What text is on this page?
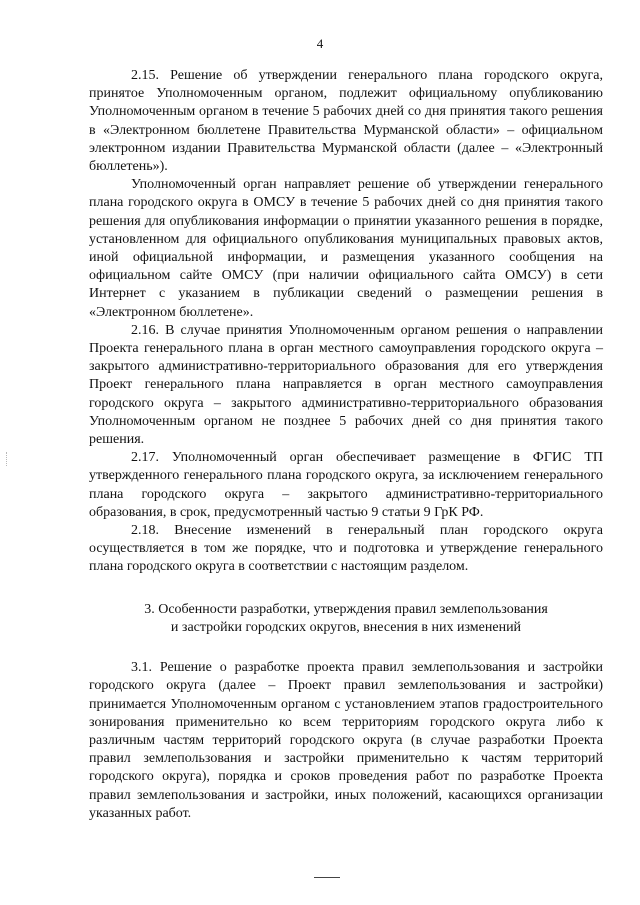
4

2.15. Решение об утверждении генерального плана городского округа, принятое Уполномоченным органом, подлежит официальному опубликованию Уполномоченным органом в течение 5 рабочих дней со дня принятия такого решения в «Электронном бюллетене Правительства Мурманской области» – официальном электронном издании Правительства Мурманской области (далее – «Электронный бюллетень»).

Уполномоченный орган направляет решение об утверждении генерального плана городского округа в ОМСУ в течение 5 рабочих дней со дня принятия такого решения для опубликования информации о принятии указанного решения в порядке, установленном для официального опубликования муниципальных правовых актов, иной официальной информации, и размещения указанного сообщения на официальном сайте ОМСУ (при наличии официального сайта ОМСУ) в сети Интернет с указанием в публикации сведений о размещении решения в «Электронном бюллетене».

2.16. В случае принятия Уполномоченным органом решения о направлении Проекта генерального плана в орган местного самоуправления городского округа – закрытого административно-территориального образования для его утверждения Проект генерального плана направляется в орган местного самоуправления городского округа – закрытого административно-территориального образования Уполномоченным органом не позднее 5 рабочих дней со дня принятия такого решения.

2.17. Уполномоченный орган обеспечивает размещение в ФГИС ТП утвержденного генерального плана городского округа, за исключением генерального плана городского округа – закрытого административно-территориального образования, в срок, предусмотренный частью 9 статьи 9 ГрК РФ.

2.18. Внесение изменений в генеральный план городского округа осуществляется в том же порядке, что и подготовка и утверждение генерального плана городского округа в соответствии с настоящим разделом.

3. Особенности разработки, утверждения правил землепользования
и застройки городских округов, внесения в них изменений

3.1. Решение о разработке проекта правил землепользования и застройки городского округа (далее – Проект правил землепользования и застройки) принимается Уполномоченным органом с установлением этапов градостроительного зонирования применительно ко всем территориям городского округа либо к различным частям территорий городского округа (в случае разработки Проекта правил землепользования и застройки применительно к частям территорий городского округа), порядка и сроков проведения работ по разработке Проекта правил землепользования и застройки, иных положений, касающихся организации указанных работ.
